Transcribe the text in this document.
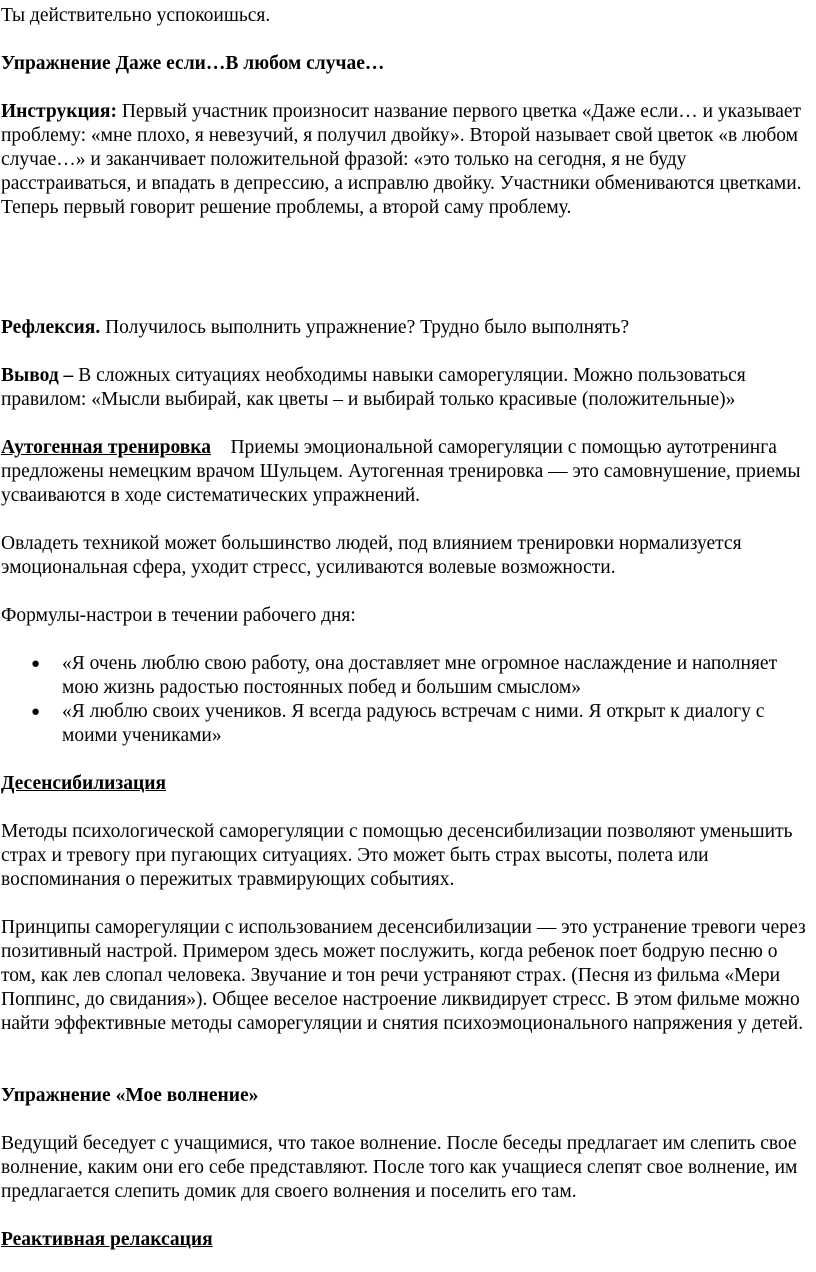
Ты действительно успокоишься.

Упражнение Даже если…В любом случае…

Инструкция: Первый участник произносит название первого цветка «Даже если… и указывает проблему: «мне плохо, я невезучий, я получил двойку». Второй называет свой цветок «в любом случае…» и заканчивает положительной фразой: «это только на сегодня, я не буду расстраиваться, и впадать в депрессию, а исправлю двойку. Участники обмениваются цветками. Теперь первый говорит решение проблемы, а второй саму проблему.

Рефлексия. Получилось выполнить упражнение? Трудно было выполнять?

Вывод – В сложных ситуациях необходимы навыки саморегуляции. Можно пользоваться правилом: «Мысли выбирай, как цветы – и выбирай только красивые (положительные)»

Аутогенная тренировка    Приемы эмоциональной саморегуляции с помощью аутотренинга предложены немецким врачом Шульцем. Аутогенная тренировка — это самовнушение, приемы усваиваются в ходе систематических упражнений.

Овладеть техникой может большинство людей, под влиянием тренировки нормализуется эмоциональная сфера, уходит стресс, усиливаются волевые возможности.

Формулы-настрои в течении рабочего дня:

● «Я очень люблю свою работу, она доставляет мне огромное наслаждение и наполняет мою жизнь радостью постоянных побед и большим смыслом»
● «Я люблю своих учеников. Я всегда радуюсь встречам с ними. Я открыт к диалогу с моими учениками»

Десенсибилизация

Методы психологической саморегуляции с помощью десенсибилизации позволяют уменьшить страх и тревогу при пугающих ситуациях. Это может быть страх высоты, полета или воспоминания о пережитых травмирующих событиях.

Принципы саморегуляции с использованием десенсибилизации — это устранение тревоги через позитивный настрой. Примером здесь может послужить, когда ребенок поет бодрую песню о том, как лев слопал человека. Звучание и тон речи устраняют страх. (Песня из фильма «Мери Поппинс, до свидания»). Общее веселое настроение ликвидирует стресс. В этом фильме можно найти эффективные методы саморегуляции и снятия психоэмоционального напряжения у детей.

Упражнение «Мое волнение»

Ведущий беседует с учащимися, что такое волнение. После беседы предлагает им слепить свое волнение, каким они его себе представляют. После того как учащиеся слепят свое волнение, им предлагается слепить домик для своего волнения и поселить его там.

Реактивная релаксация
